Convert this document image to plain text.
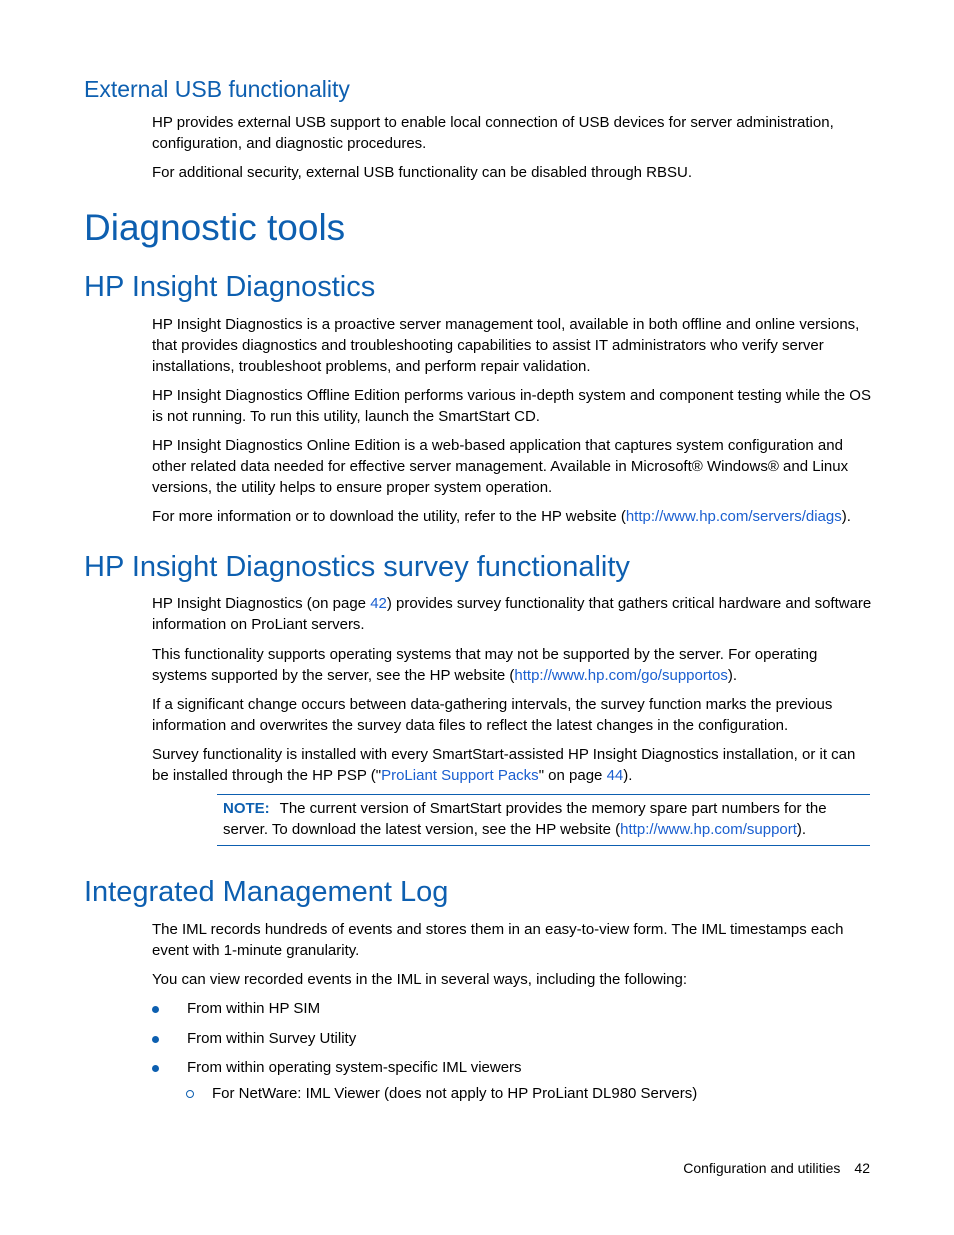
External USB functionality

HP provides external USB support to enable local connection of USB devices for server administration, configuration, and diagnostic procedures.

For additional security, external USB functionality can be disabled through RBSU.

Diagnostic tools
HP Insight Diagnostics

HP Insight Diagnostics is a proactive server management tool, available in both offline and online versions, that provides diagnostics and troubleshooting capabilities to assist IT administrators who verify server installations, troubleshoot problems, and perform repair validation.

HP Insight Diagnostics Offline Edition performs various in-depth system and component testing while the OS is not running. To run this utility, launch the SmartStart CD.

HP Insight Diagnostics Online Edition is a web-based application that captures system configuration and other related data needed for effective server management. Available in Microsoft® Windows® and Linux versions, the utility helps to ensure proper system operation.

For more information or to download the utility, refer to the HP website (http://www.hp.com/servers/diags).

HP Insight Diagnostics survey functionality

HP Insight Diagnostics (on page 42) provides survey functionality that gathers critical hardware and software information on ProLiant servers.

This functionality supports operating systems that may not be supported by the server. For operating systems supported by the server, see the HP website (http://www.hp.com/go/supportos).

If a significant change occurs between data-gathering intervals, the survey function marks the previous information and overwrites the survey data files to reflect the latest changes in the configuration.

Survey functionality is installed with every SmartStart-assisted HP Insight Diagnostics installation, or it can be installed through the HP PSP ("ProLiant Support Packs" on page 44).

NOTE: The current version of SmartStart provides the memory spare part numbers for the server. To download the latest version, see the HP website (http://www.hp.com/support).

Integrated Management Log

The IML records hundreds of events and stores them in an easy-to-view form. The IML timestamps each event with 1-minute granularity.

You can view recorded events in the IML in several ways, including the following:

From within HP SIM
From within Survey Utility
From within operating system-specific IML viewers
For NetWare: IML Viewer (does not apply to HP ProLiant DL980 Servers)
Configuration and utilities 42
